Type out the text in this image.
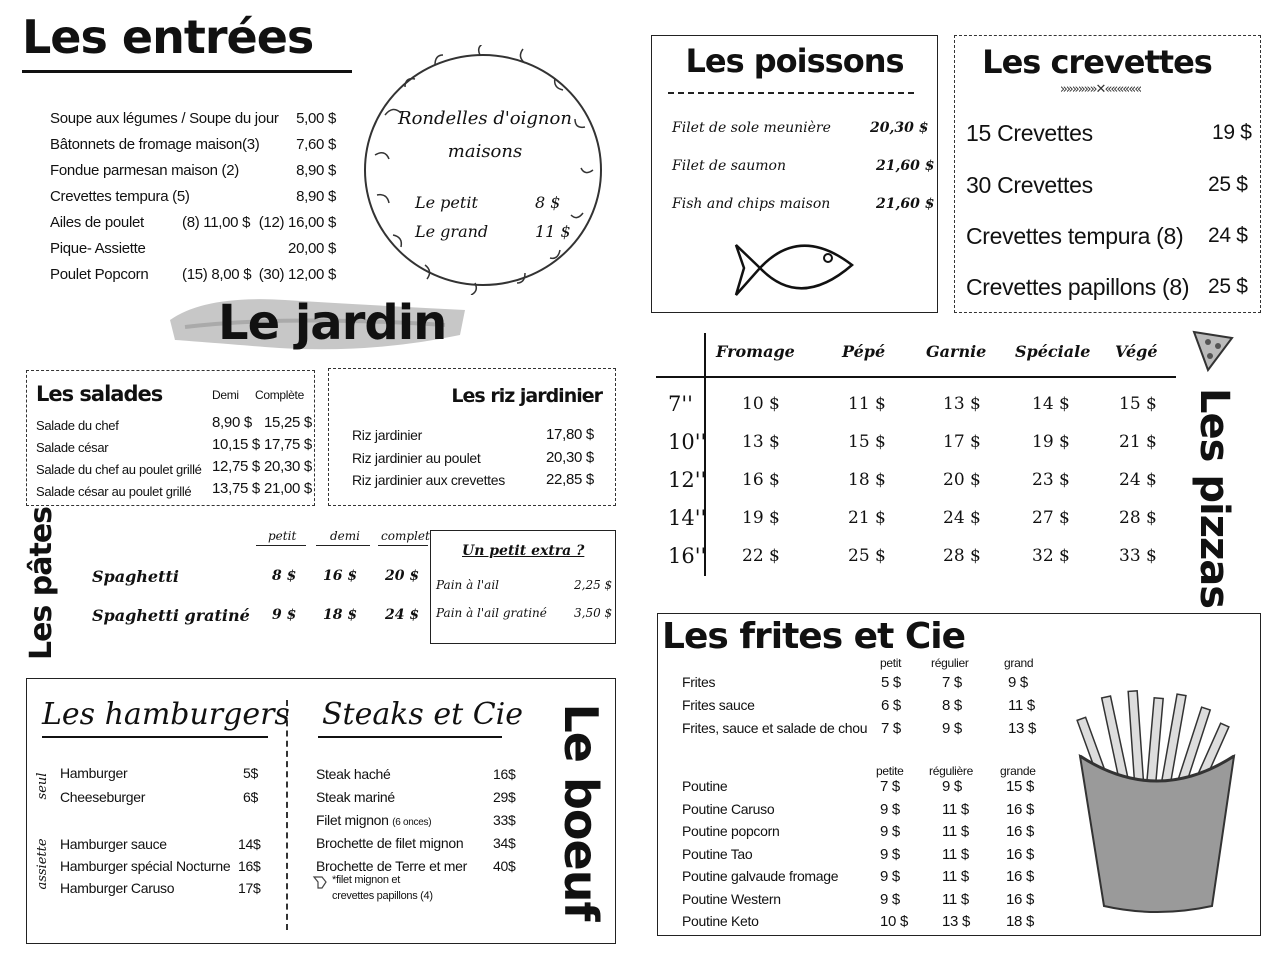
Les entrées
Soupe aux légumes / Soupe du jour 5,00 $
Bâtonnets de fromage maison(3) 7,60 $
Fondue parmesan maison (2)	8,90 $
Crevettes tempura (5)	8,90 $
Ailes de poulet	(8) 11,00 $ (12) 16,00 $
Pique- Assiette	20,00 $
Poulet Popcorn (15) 8,00 $ (30) 12,00 $
Rondelles d'oignon
maisons
Le petit	8 $
Le grand	11 $
Le jardin
Les salades	Demi Complète
Salade du chef	8,90 $ 15,25 $
Salade césar	10,15 $ 17,75 $
Salade du chef au poulet grillé 12,75 $ 20,30 $
Salade césar au poulet grillé 13,75 $ 21,00 $
Les riz jardinier
Riz jardinier	17,80 $
Riz jardinier au poulet	20,30 $
Riz jardinier aux crevettes	22,85 $
Les pâtes	petit	demi complet
Spaghetti	8 $ 16 $ 20 $
Spaghetti gratiné 9 $ 18 $ 24 $
Un petit extra ?
Pain à l'ail	2,25 $
Pain à l'ail gratiné 3,50 $
Les hamburgers
seul
assiette
Hamburger	5$
Cheeseburger	6$
Hamburger sauce	14$
Hamburger spécial Nocturne 16$
Hamburger Caruso	17$
Steaks et Cie
Steak haché	16$
Steak mariné	29$
Filet mignon (6 onces)	33$
Brochette de filet mignon 34$
Brochette de Terre et mer 40$
*filet mignon et
crevettes papillons (4)	Le boeuf
Les poissons
Filet de sole meunière	20,30 $
Filet de saumon	21,60 $
Fish and chips maison	21,60 $
Les crevettes
»»»»»»✕««««««
15 Crevettes	19 $
30 Crevettes	25 $
Crevettes tempura (8) 24 $
Crevettes papillons (8) 25 $
Fromage	Pépé	Garnie Spéciale Végé
7''	10 $	11 $	13 $	14 $	15 $
10'' 13 $	15 $	17 $	19 $	21 $
12'' 16 $	18 $	20 $	23 $	24 $
14'' 19 $	21 $	24 $	27 $	28 $
16'' 22 $	25 $	28 $	32 $	33 $ Les pizzas
Les frites et Cie
petit régulier	grand
Frites	5 $	7 $	9 $
Frites sauce	6 $	8 $	11 $
Frites, sauce et salade de chou 7 $	9 $	13 $
petite régulière grande
Poutine	7 $	9 $	15 $
Poutine Caruso	9 $	11 $ 16 $
Poutine popcorn	9 $	11 $ 16 $
Poutine Tao	9 $	11 $ 16 $
Poutine galvaude fromage	9 $	11 $ 16 $
Poutine Western	9 $	11 $ 16 $
Poutine Keto	10 $ 13 $ 18 $
